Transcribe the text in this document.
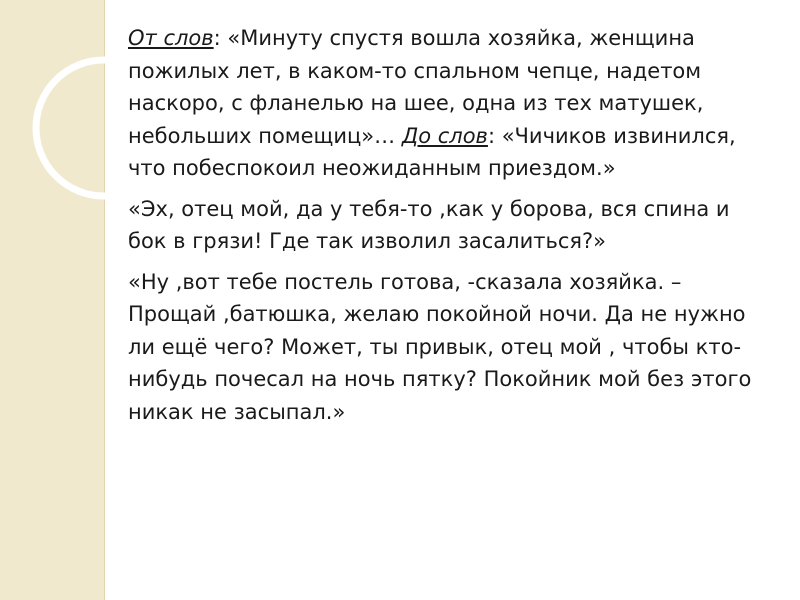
От слов: «Минуту спустя вошла хозяйка, женщина пожилых лет, в каком-то спальном чепце, надетом наскоро, с фланелью на шее, одна из тех матушек, небольших помещиц»… До слов: «Чичиков извинился, что побеспокоил неожиданным приездом.»

«Эх, отец мой, да у тебя-то ,как у борова, вся спина и бок в грязи! Где так изволил засалиться?»

«Ну ,вот тебе постель готова, -сказала хозяйка. – Прощай ,батюшка, желаю покойной ночи. Да не нужно ли ещё чего? Может, ты привык, отец мой , чтобы кто-нибудь почесал на ночь пятку? Покойник мой без этого никак не засыпал.»
